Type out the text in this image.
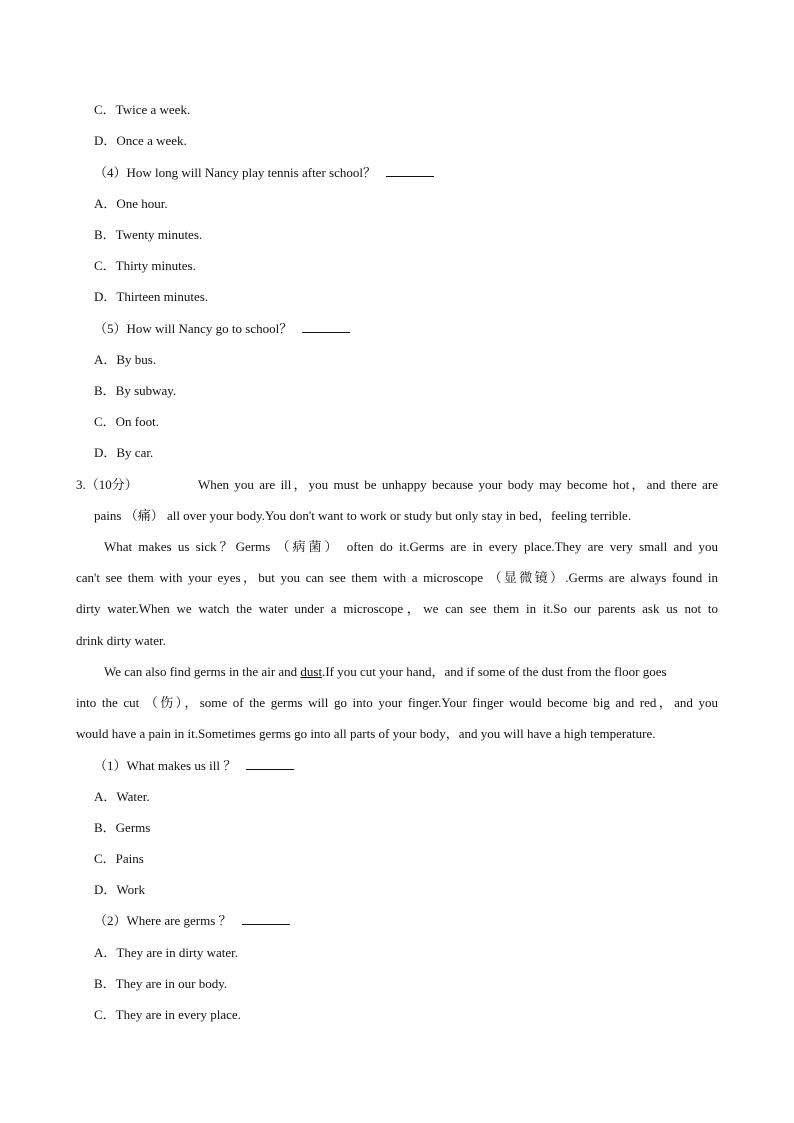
C．Twice a week.
D．Once a week.
（4）How long will Nancy play tennis after school？
A．One hour.
B．Twenty minutes.
C．Thirty minutes.
D．Thirteen minutes.
（5）How will Nancy go to school？
A．By bus.
B．By subway.
C．On foot.
D．By car.
3.（10分）	When you are ill，you must be unhappy because your body may become hot，and there are
pains （痛） all over your body.You don't want to work or study but only stay in bed，feeling terrible.
What makes us sick？Germs （病菌） often do it.Germs are in every place.They are very small and you
can't see them with your eyes，but you can see them with a microscope （显微镜）.Germs are always found in
dirty water.When we watch the water under a microscope，we can see them in it.So our parents ask us not to
drink dirty water.
We can also find germs in the air and dust.If you cut your hand，and if some of the dust from the floor goes
into the cut （伤），some of the germs will go into your finger.Your finger would become big and red，and you
would have a pain in it.Sometimes germs go into all parts of your body，and you will have a high temperature.
（1）What makes us ill ？
A．Water.
B．Germs
C．Pains
D．Work
（2）Where are germs ？
A．They are in dirty water.
B．They are in our body.
C．They are in every place.
